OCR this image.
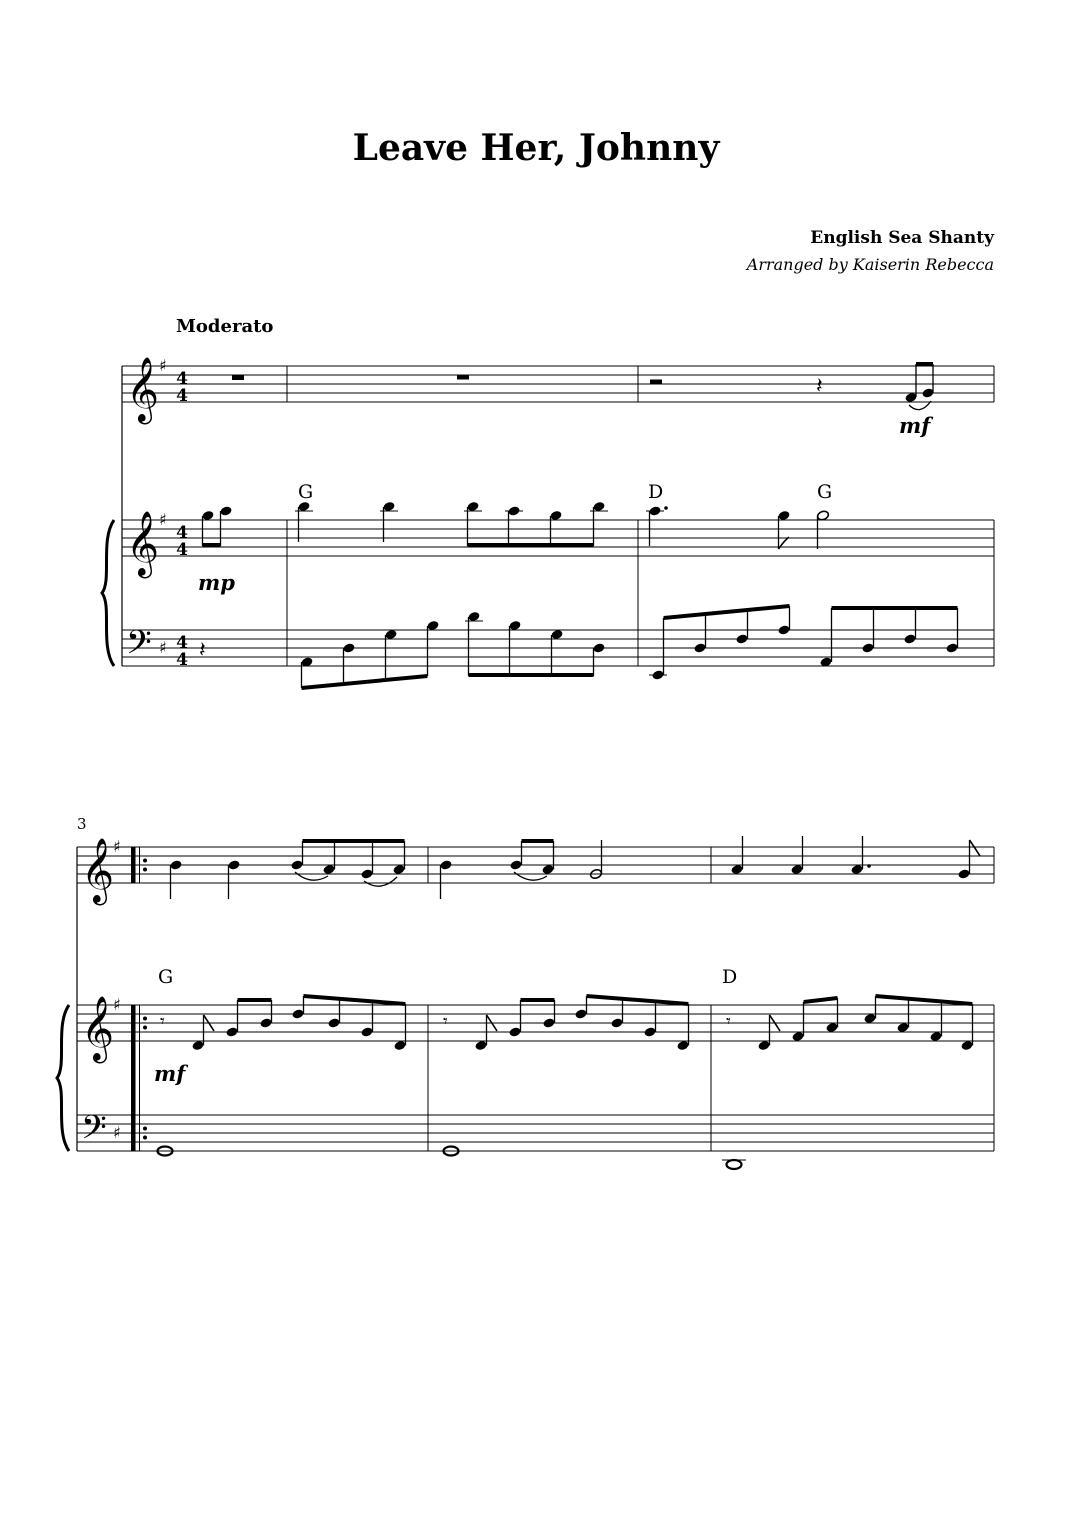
Leave Her, Johnny
English Sea Shanty
Arranged by Kaiserin Rebecca
Moderato
𝄞
𝄞
𝄢
♯
♯
♯
4
4
4
4
4
4
𝄽
mf
mp
G	D	G
𝄽
3
𝄞
𝄞
𝄢
♯
♯
♯
G	D
𝄾	𝄾	𝄾
mf
